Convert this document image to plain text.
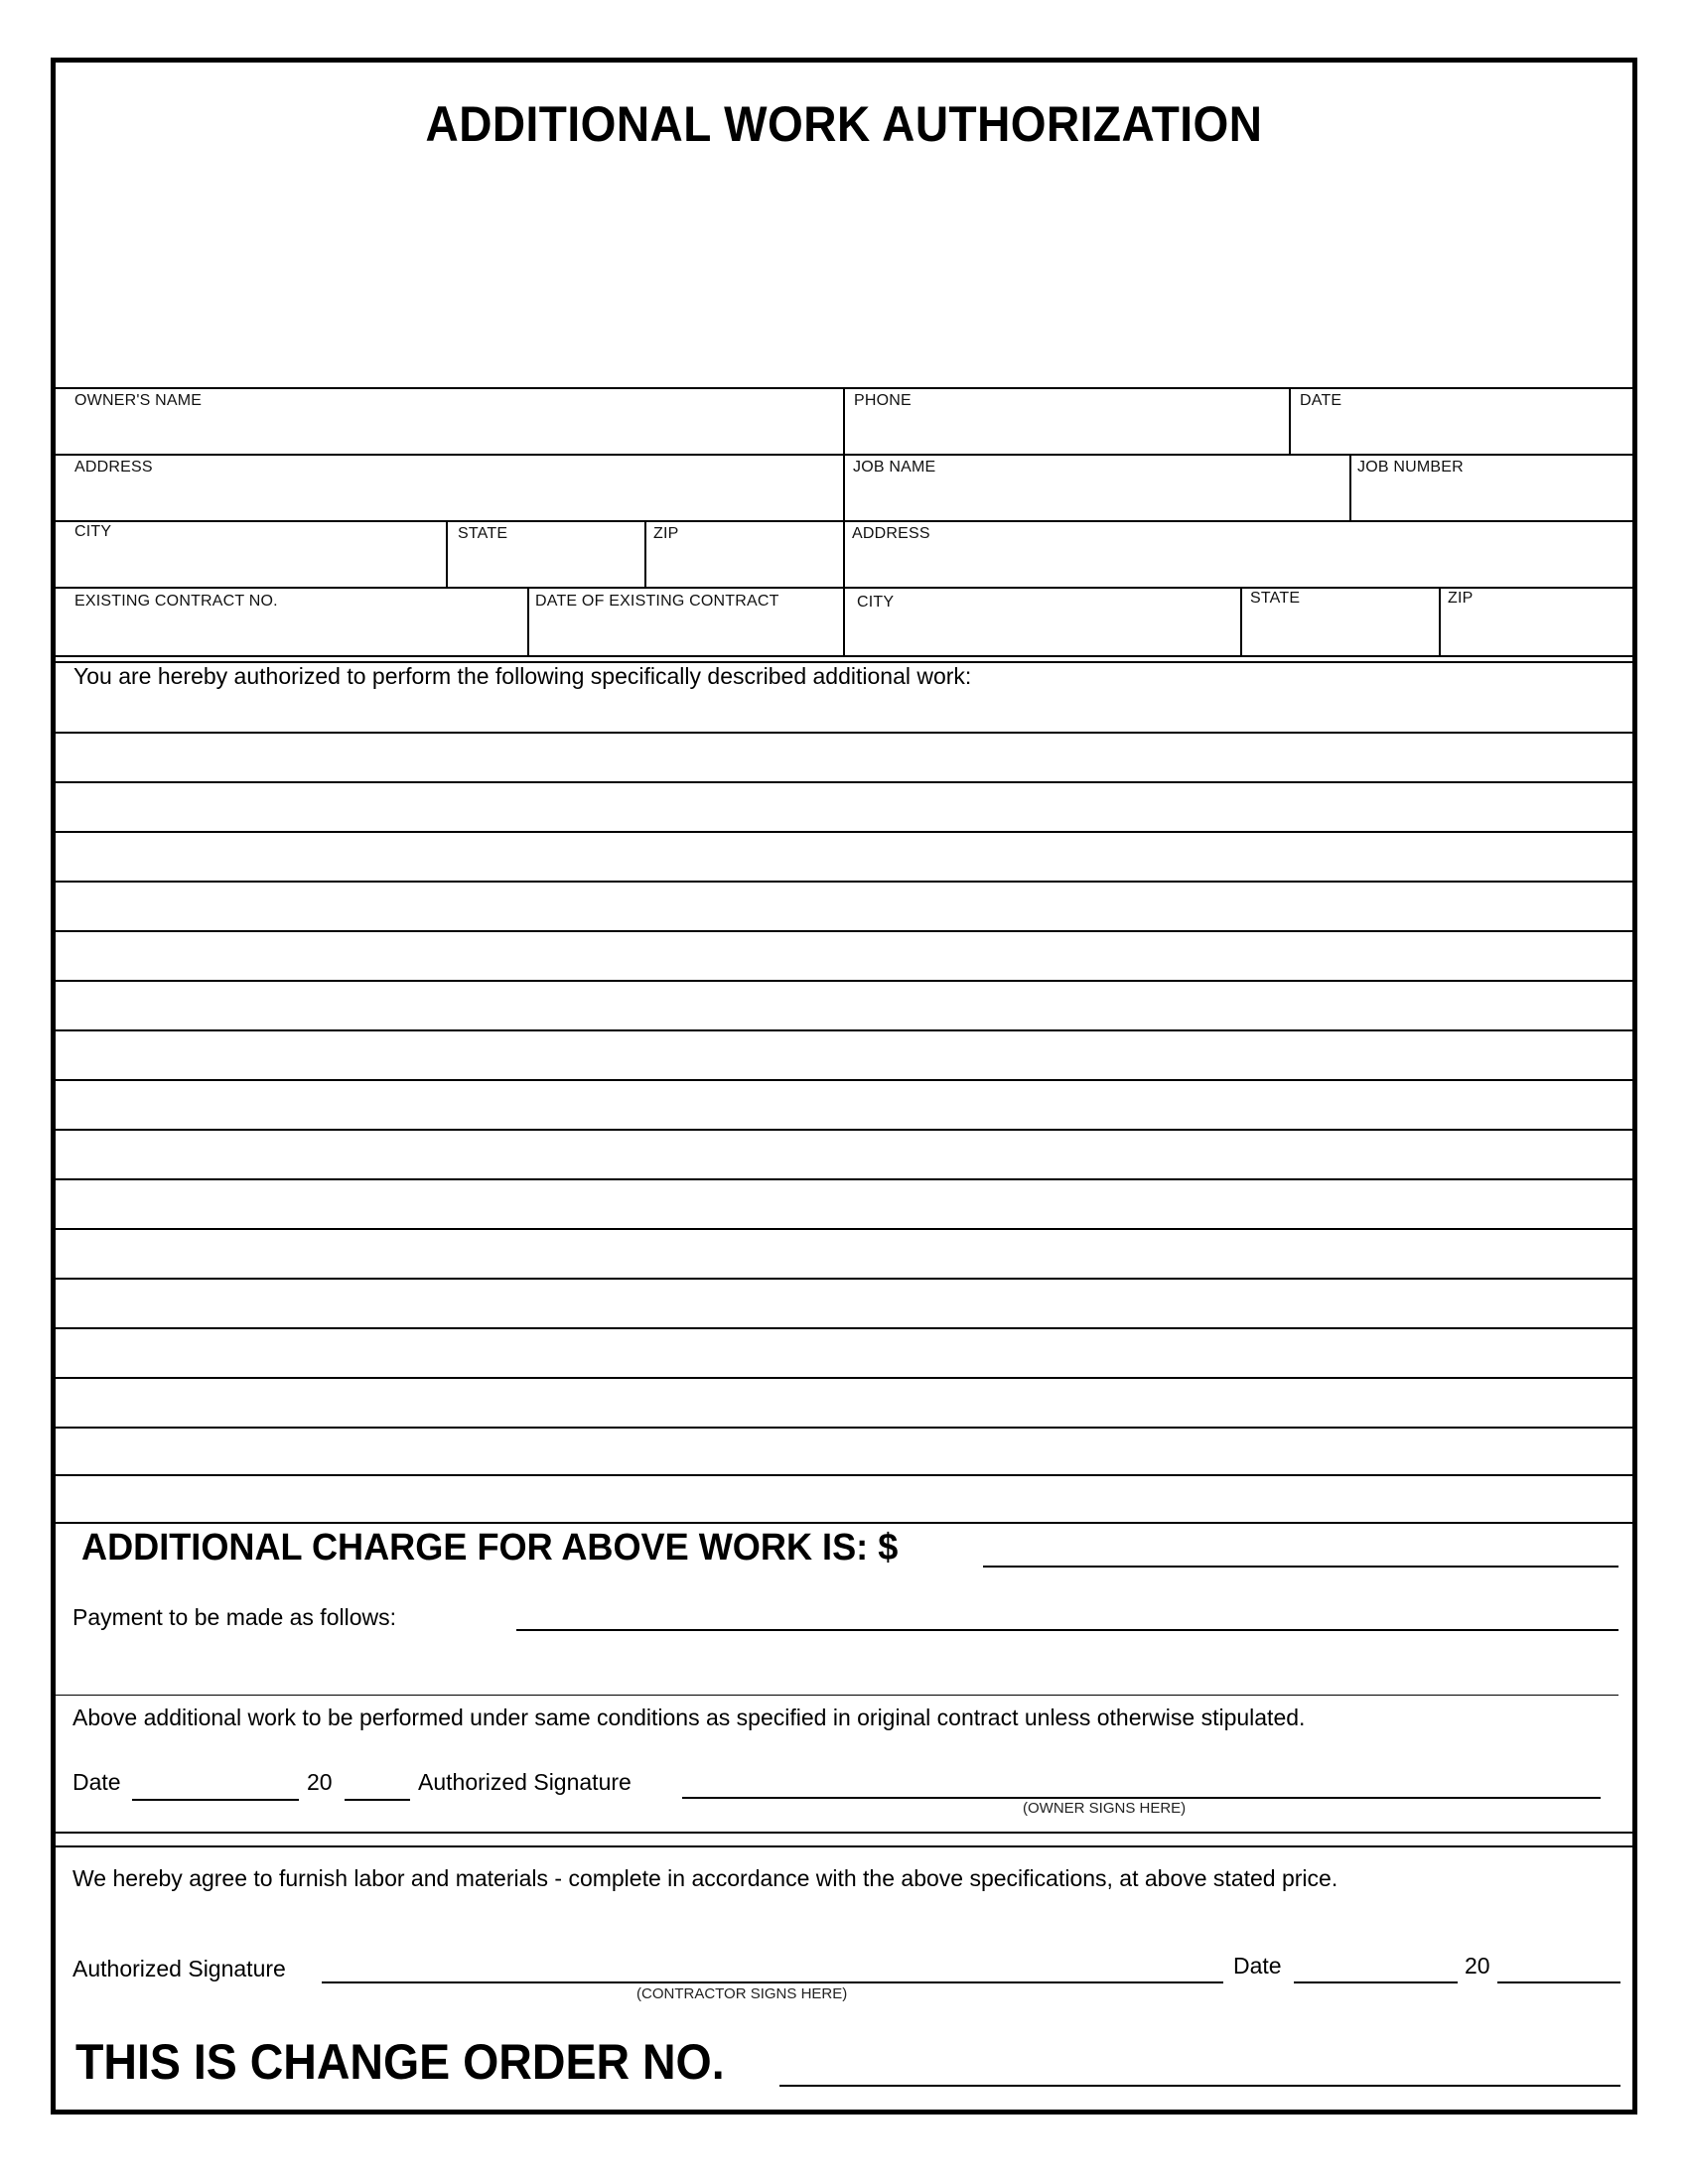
ADDITIONAL WORK AUTHORIZATION
OWNER'S NAME	PHONE	DATE
ADDRESS	JOB NAME	JOB NUMBER
CITY	STATE	ZIP	ADDRESS
EXISTING CONTRACT NO.	DATE OF EXISTING CONTRACT	CITY	STATE	ZIP
You are hereby authorized to perform the following specifically described additional work:
ADDITIONAL CHARGE FOR ABOVE WORK IS: $
Payment to be made as follows:
Above additional work to be performed under same conditions as specified in original contract unless otherwise stipulated.
Date	20	Authorized Signature
(OWNER SIGNS HERE)
We hereby agree to furnish labor and materials - complete in accordance with the above specifications, at above stated price.
Authorized Signature
(CONTRACTOR SIGNS HERE)
Date	20
THIS IS CHANGE ORDER NO.
